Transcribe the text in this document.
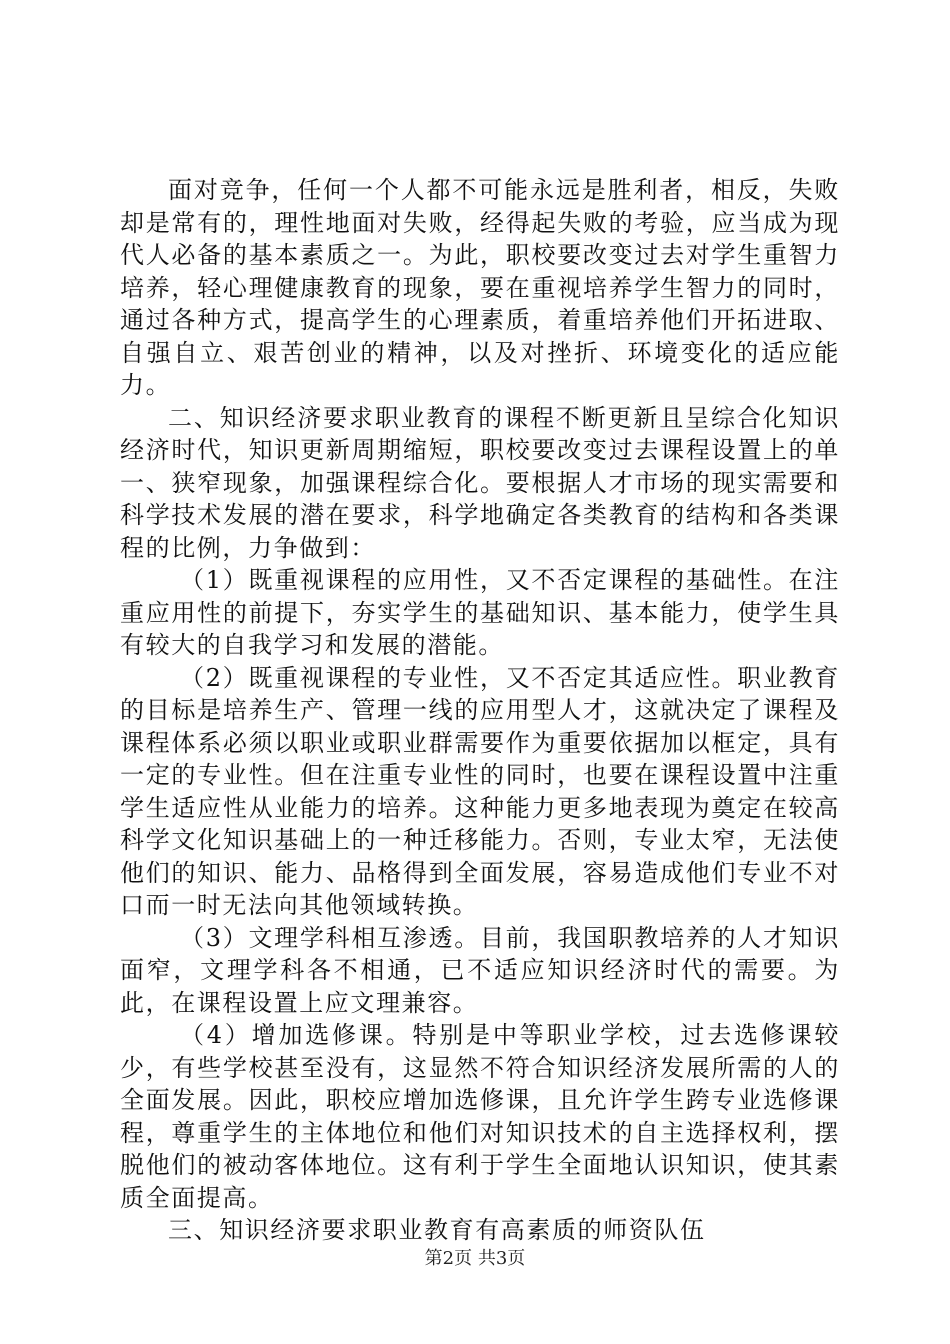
面对竞争，任何一个人都不可能永远是胜利者，相反，失败却是常有的，理性地面对失败，经得起失败的考验，应当成为现代人必备的基本素质之一。为此，职校要改变过去对学生重智力培养，轻心理健康教育的现象，要在重视培养学生智力的同时，通过各种方式，提高学生的心理素质，着重培养他们开拓进取、自强自立、艰苦创业的精神，以及对挫折、环境变化的适应能力。

二、知识经济要求职业教育的课程不断更新且呈综合化知识经济时代，知识更新周期缩短，职校要改变过去课程设置上的单一、狭窄现象，加强课程综合化。要根据人才市场的现实需要和科学技术发展的潜在要求，科学地确定各类教育的结构和各类课程的比例，力争做到：

（1）既重视课程的应用性，又不否定课程的基础性。在注重应用性的前提下，夯实学生的基础知识、基本能力，使学生具有较大的自我学习和发展的潜能。

（2）既重视课程的专业性，又不否定其适应性。职业教育的目标是培养生产、管理一线的应用型人才，这就决定了课程及课程体系必须以职业或职业群需要作为重要依据加以框定，具有一定的专业性。但在注重专业性的同时，也要在课程设置中注重学生适应性从业能力的培养。这种能力更多地表现为奠定在较高科学文化知识基础上的一种迁移能力。否则，专业太窄，无法使他们的知识、能力、品格得到全面发展，容易造成他们专业不对口而一时无法向其他领域转换。

（3）文理学科相互渗透。目前，我国职教培养的人才知识面窄，文理学科各不相通，已不适应知识经济时代的需要。为此，在课程设置上应文理兼容。

（4）增加选修课。特别是中等职业学校，过去选修课较少，有些学校甚至没有，这显然不符合知识经济发展所需的人的全面发展。因此，职校应增加选修课，且允许学生跨专业选修课程，尊重学生的主体地位和他们对知识技术的自主选择权利，摆脱他们的被动客体地位。这有利于学生全面地认识知识，使其素质全面提高。

三、知识经济要求职业教育有高素质的师资队伍

第2页 共3页
